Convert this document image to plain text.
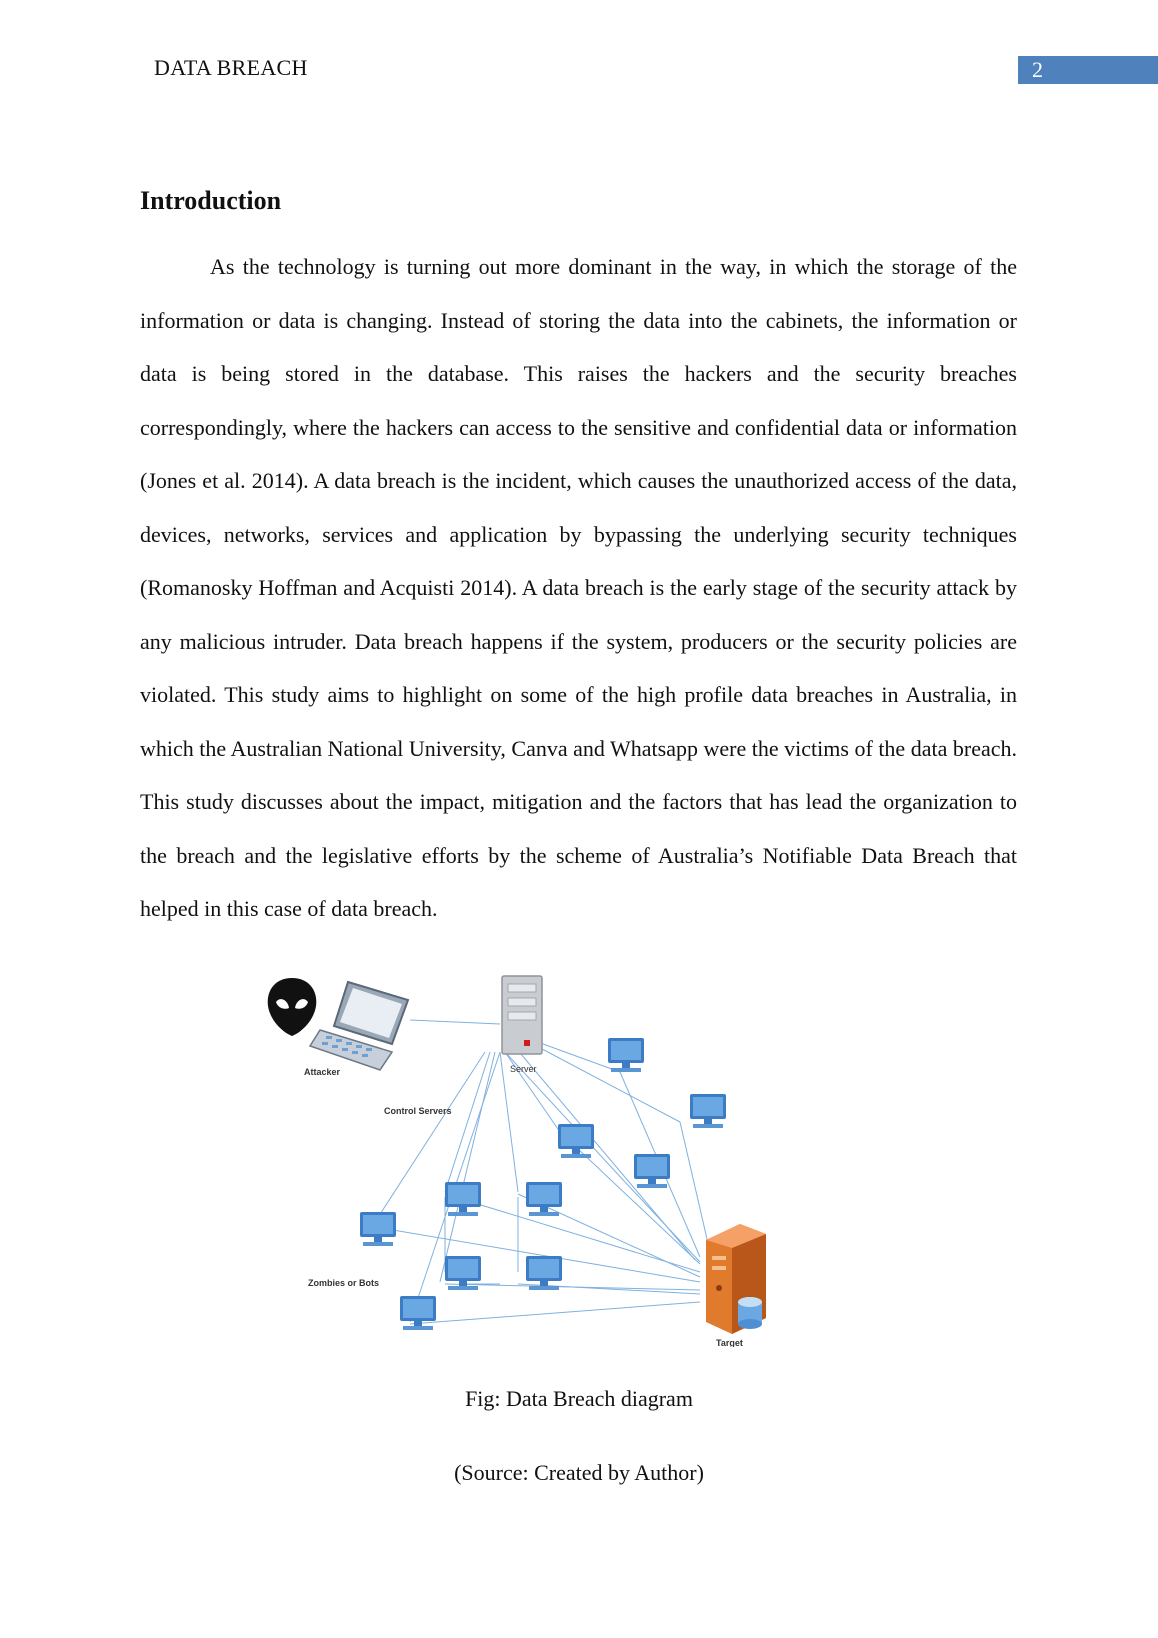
DATA BREACH	2
Introduction

As the technology is turning out more dominant in the way, in which the storage of the information or data is changing. Instead of storing the data into the cabinets, the information or data is being stored in the database. This raises the hackers and the security breaches correspondingly, where the hackers can access to the sensitive and confidential data or information (Jones et al. 2014). A data breach is the incident, which causes the unauthorized access of the data, devices, networks, services and application by bypassing the underlying security techniques (Romanosky Hoffman and Acquisti 2014). A data breach is the early stage of the security attack by any malicious intruder. Data breach happens if the system, producers or the security policies are violated. This study aims to highlight on some of the high profile data breaches in Australia, in which the Australian National University, Canva and Whatsapp were the victims of the data breach. This study discusses about the impact, mitigation and the factors that has lead the organization to the breach and the legislative efforts by the scheme of Australia’s Notifiable Data Breach that helped in this case of data breach.

Attacker	Server
Control Servers
Zombies or Bots
Target
Fig: Data Breach diagram
(Source: Created by Author)
